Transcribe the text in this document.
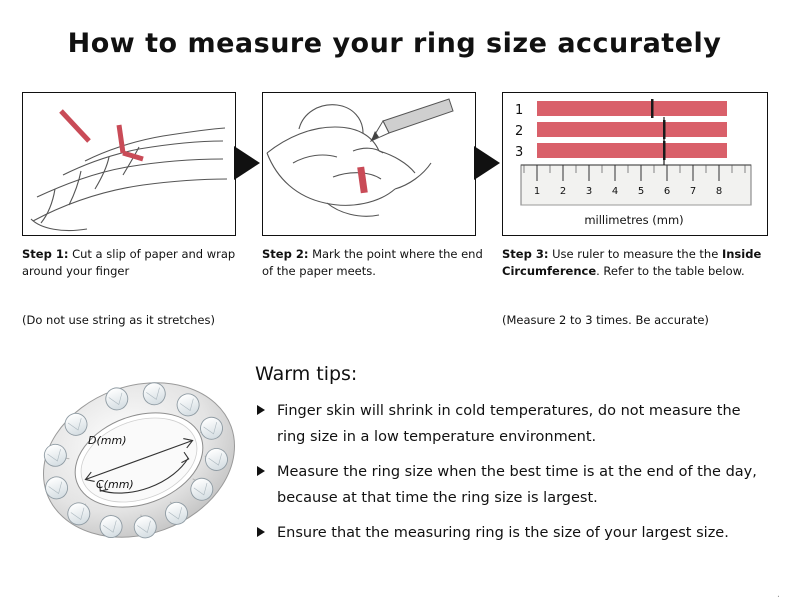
How to measure your ring size accurately
1
2
3
1 2 3 4 5 6 7 8
millimetres (mm)
Step 1: Cut a slip of paper and wrap around your finger
(Do not use string as it stretches)
Step 2: Mark the point where the end of the paper meets.
Step 3: Use ruler to measure the the Inside Circumference. Refer to the table below.
(Measure 2 to 3 times. Be accurate)
D(mm)
C(mm)
Warm tips:
Finger skin will shrink in cold temperatures, do not measure the ring size in a low temperature environment.
Measure the ring size when the best time is at the end of the day, because at that time the ring size is largest.
Ensure that the measuring ring is the size of your largest size.
.
